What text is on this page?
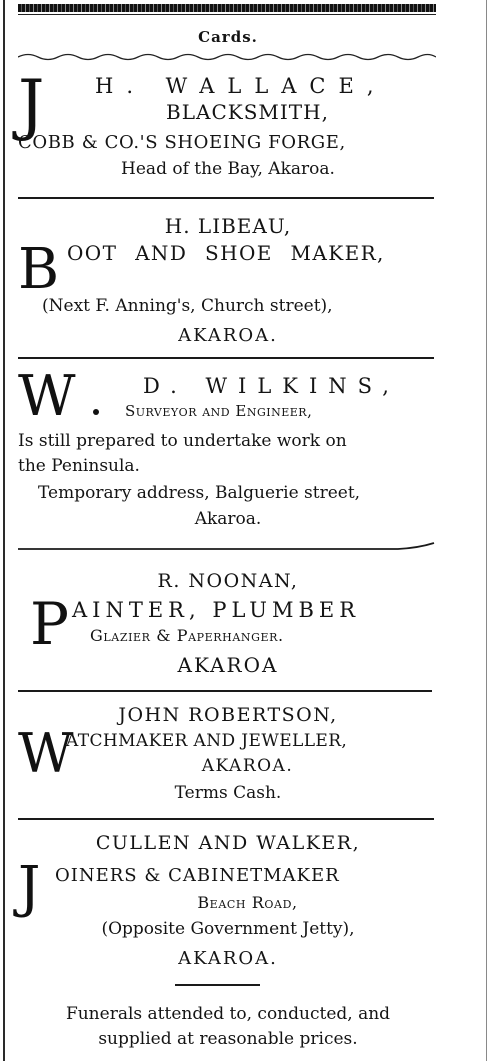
Cards.
J H. WALLACE,
BLACKSMITH,
COBB & CO.'S SHOEING FORGE,
Head of the Bay, Akaroa.
H. LIBEAU,
B OOT AND SHOE MAKER,
(Next F. Anning's, Church street),
AKAROA.
W	D. WILKINS,
Surveyor and Engineer,
Is still prepared to undertake work on
the Peninsula.
Temporary address, Balguerie street,
Akaroa.
R. NOONAN,
P AINTER, PLUMBER
Glazier & Paperhanger.
AKAROA
JOHN ROBERTSON,
W
ATCHMAKER AND JEWELLER,
AKAROA.
Terms Cash.
CULLEN AND WALKER,
J OINERS & CABINETMAKER
Beach Road,
(Opposite Government Jetty),
AKAROA.
Funerals attended to, conducted, and
supplied at reasonable prices.
